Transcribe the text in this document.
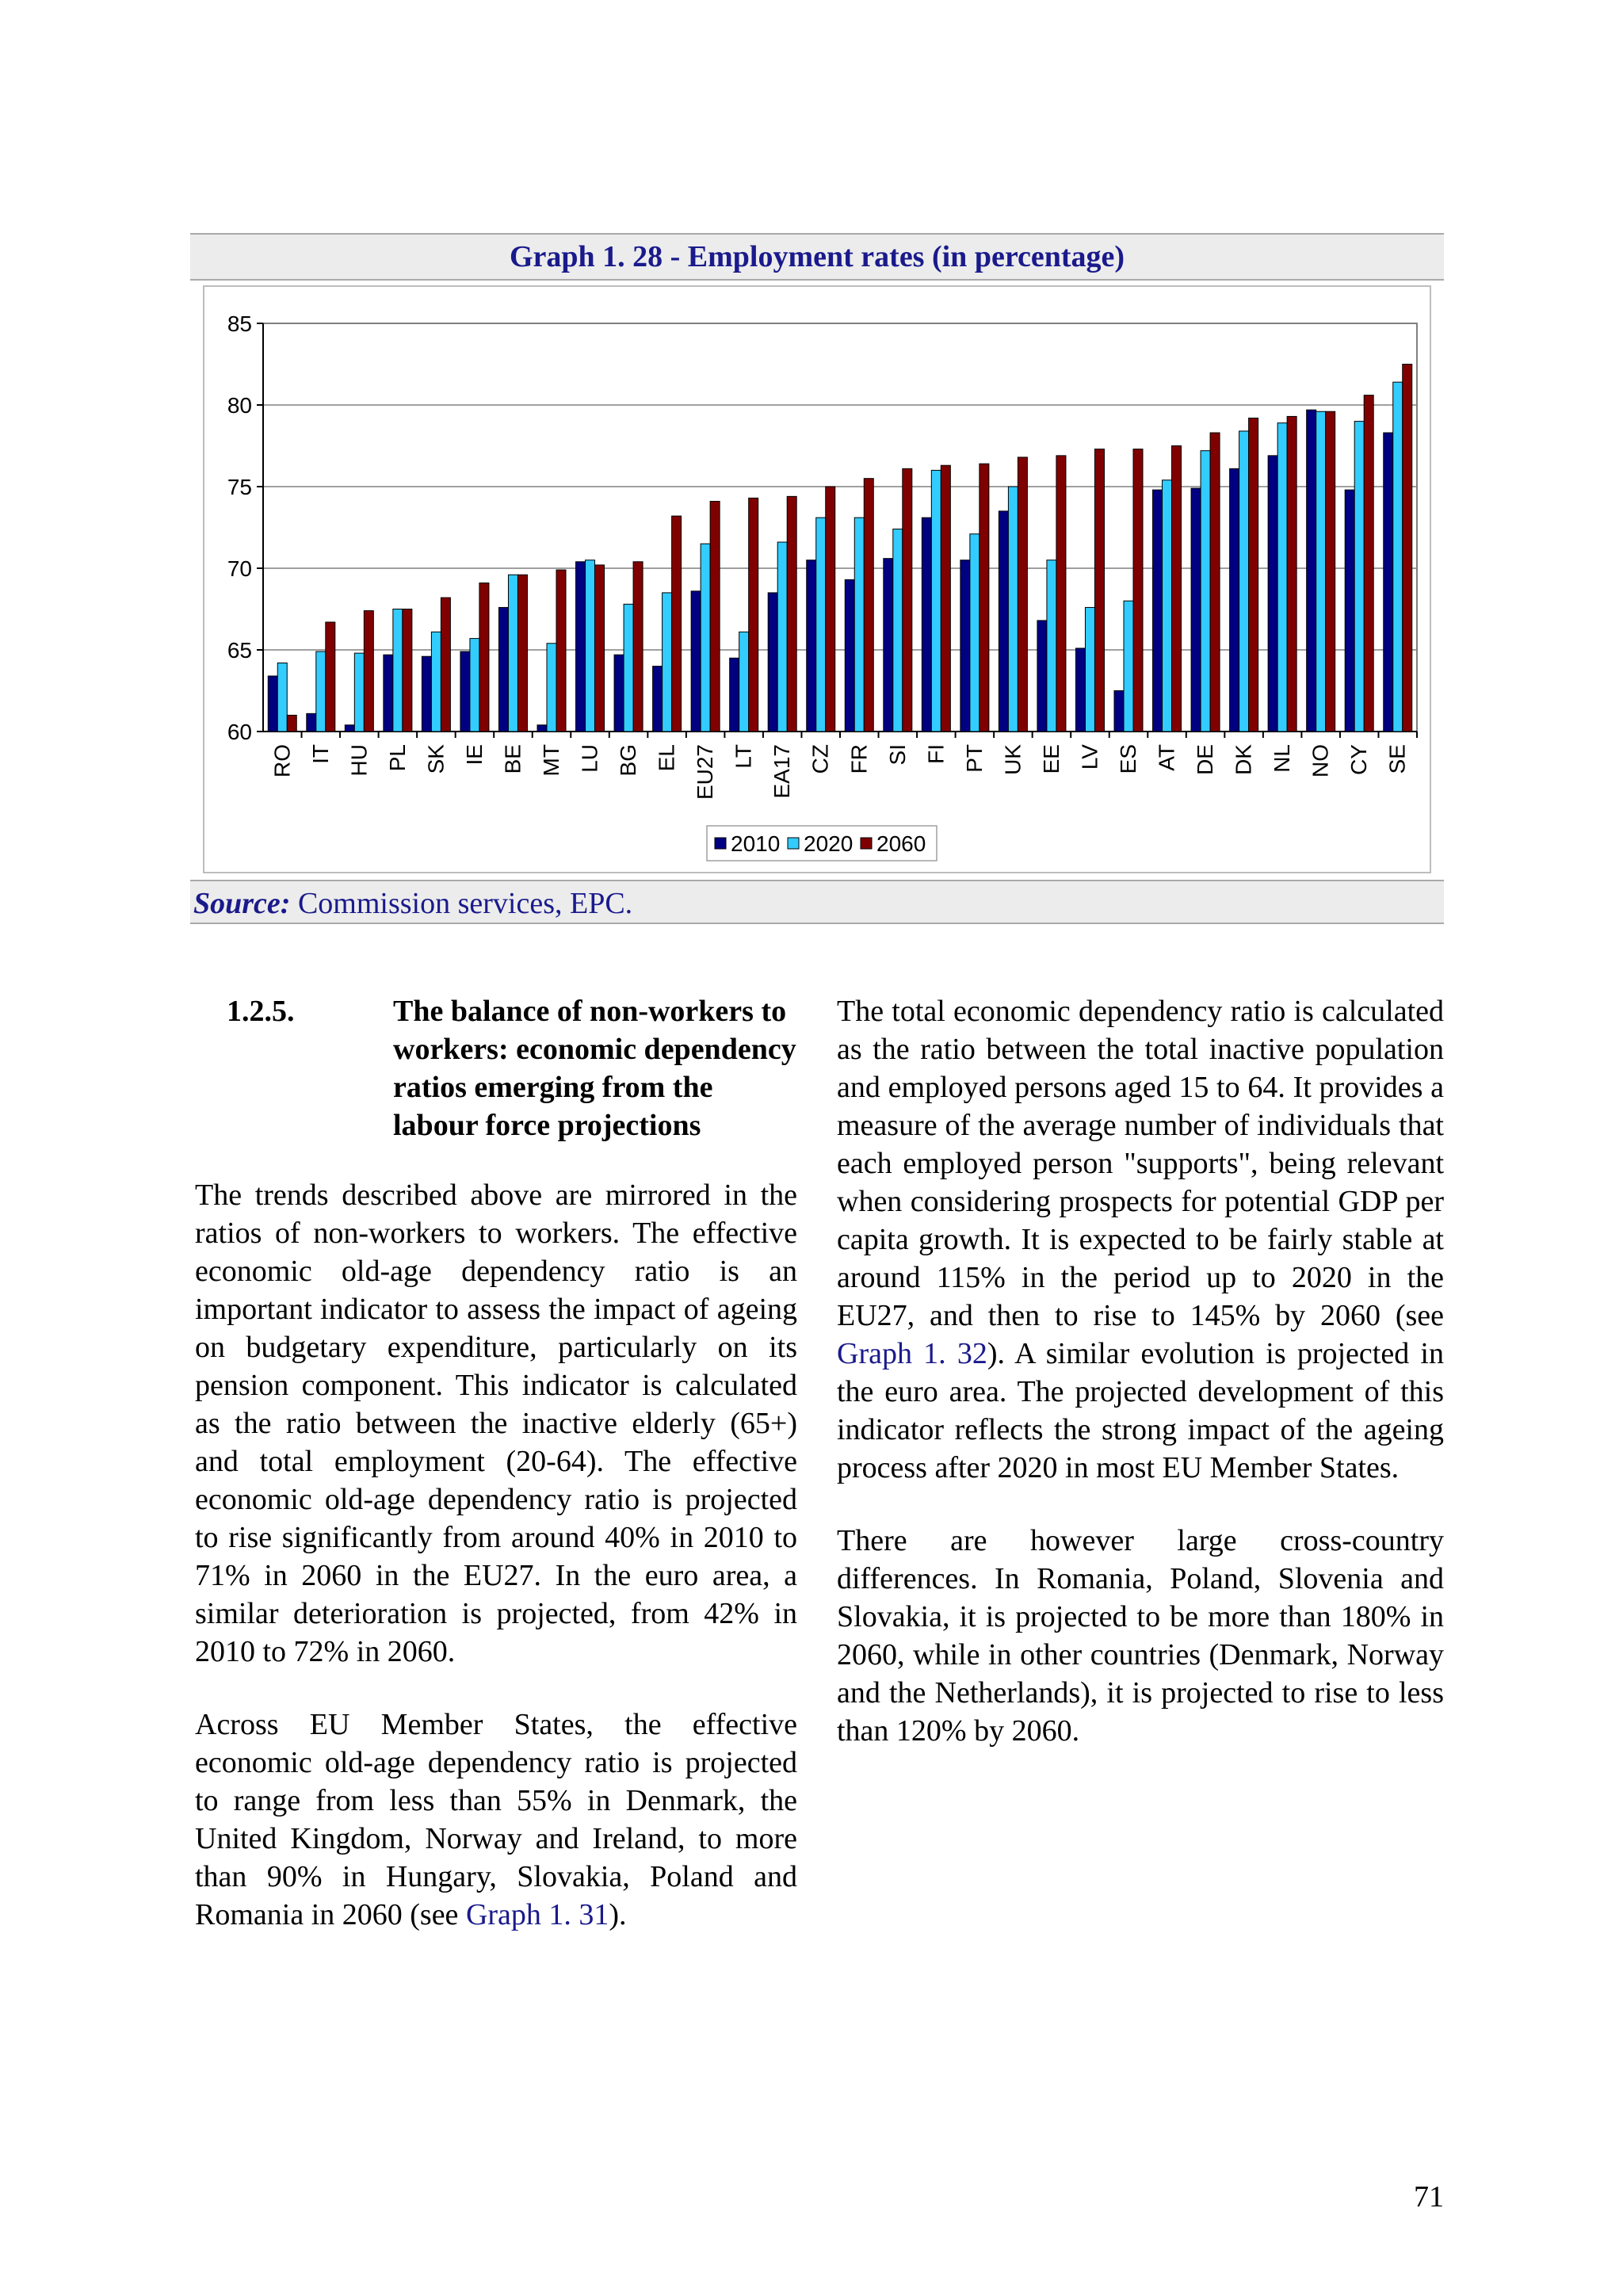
Graph 1. 28 - Employment rates (in percentage)
60
65
70
75
80
85
RO IT HU PL SK IE BE MT LU BG EL EU27 LT EA17 CZ FR SI FI PT UK EE LV ES AT DE DK NL NO CY SE
2010 2020 2060
Source: Commission services, EPC.
1.2.5.	The balance of non-workers to workers: economic dependency ratios emerging from the labour force projections

The trends described above are mirrored in the ratios of non-workers to workers. The effective economic old-age dependency ratio is an important indicator to assess the impact of ageing on budgetary expenditure, particularly on its pension component. This indicator is calculated as the ratio between the inactive elderly (65+) and total employment (20-64). The effective economic old-age dependency ratio is projected to rise significantly from around 40% in 2010 to 71% in 2060 in the EU27. In the euro area, a similar deterioration is projected, from 42% in 2010 to 72% in 2060.

Across EU Member States, the effective economic old-age dependency ratio is projected to range from less than 55% in Denmark, the United Kingdom, Norway and Ireland, to more than 90% in Hungary, Slovakia, Poland and Romania in 2060 (see Graph 1. 31).

The total economic dependency ratio is calculated as the ratio between the total inactive population and employed persons aged 15 to 64. It provides a measure of the average number of individuals that each employed person "supports", being relevant when considering prospects for potential GDP per capita growth. It is expected to be fairly stable at around 115% in the period up to 2020 in the EU27, and then to rise to 145% by 2060 (see Graph 1. 32). A similar evolution is projected in the euro area. The projected development of this indicator reflects the strong impact of the ageing process after 2020 in most EU Member States.

There are however large cross-country differences. In Romania, Poland, Slovenia and Slovakia, it is projected to be more than 180% in 2060, while in other countries (Denmark, Norway and the Netherlands), it is projected to rise to less than 120% by 2060.

71
